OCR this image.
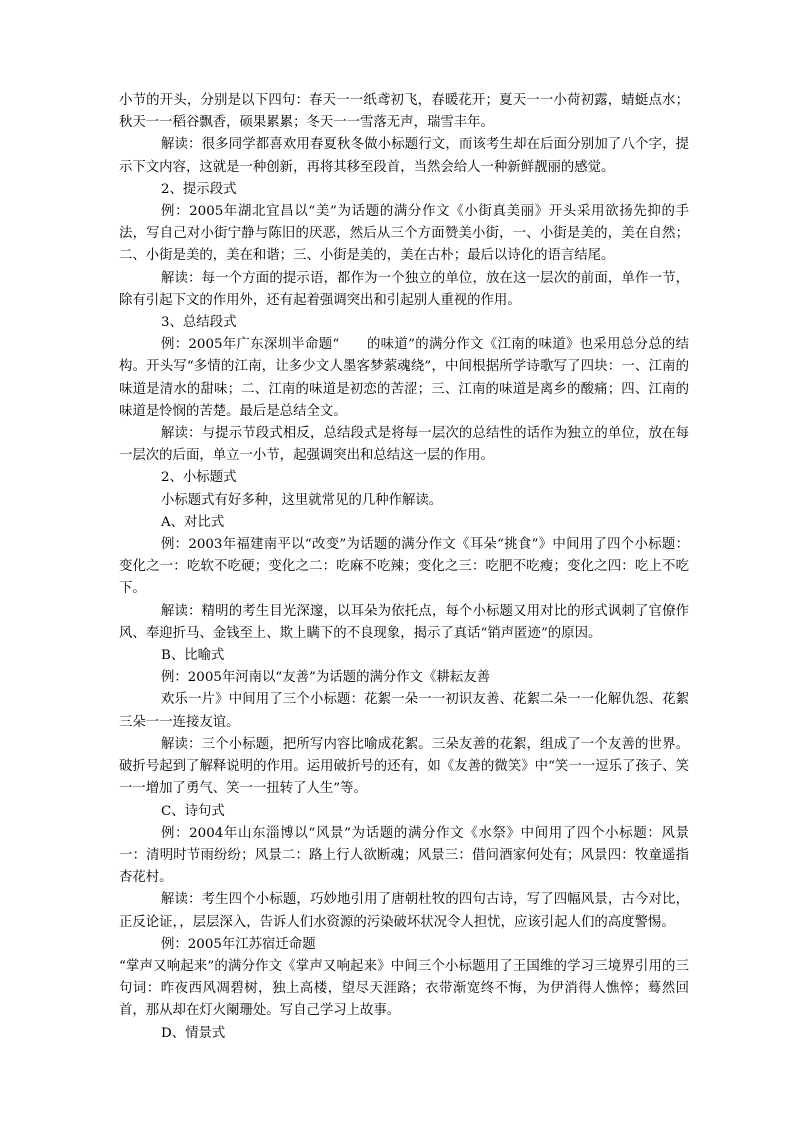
小节的开头，分别是以下四句：春天一一纸鸢初飞，春暖花开；夏天一一小荷初露，蜻蜓点水；秋天一一稻谷飘香，硕果累累；冬天一一雪落无声，瑞雪丰年。

解读：很多同学都喜欢用春夏秋冬做小标题行文，而该考生却在后面分别加了八个字，提示下文内容，这就是一种创新，再将其移至段首，当然会给人一种新鲜靓丽的感觉。

2、提示段式

例：2005年湖北宜昌以“美”为话题的满分作文《小街真美丽》开头采用欲扬先抑的手法，写自己对小街宁静与陈旧的厌恶，然后从三个方面赞美小街，一、小街是美的，美在自然；二、小街是美的，美在和谐；三、小街是美的，美在古朴；最后以诗化的语言结尾。

解读：每一个方面的提示语，都作为一个独立的单位，放在这一层次的前面，单作一节，除有引起下文的作用外，还有起着强调突出和引起别人重视的作用。

3、总结段式

例：2005年广东深圳半命题“　　的味道”的满分作文《江南的味道》也采用总分总的结构。开头写“多情的江南，让多少文人墨客梦萦魂绕”，中间根据所学诗歌写了四块：一、江南的味道是清水的甜味；二、江南的味道是初恋的苦涩；三、江南的味道是离乡的酸痛；四、江南的味道是怜悯的苦楚。最后是总结全文。

解读：与提示节段式相反，总结段式是将每一层次的总结性的话作为独立的单位，放在每一层次的后面，单立一小节，起强调突出和总结这一层的作用。

2、小标题式

小标题式有好多种，这里就常见的几种作解读。

A、对比式

例：2003年福建南平以“改变”为话题的满分作文《耳朵“挑食”》中间用了四个小标题：变化之一：吃软不吃硬；变化之二：吃麻不吃辣；变化之三：吃肥不吃瘦；变化之四：吃上不吃下。

解读：精明的考生目光深邃，以耳朵为依托点，每个小标题又用对比的形式讽刺了官僚作风、奉迎折马、金钱至上、欺上瞒下的不良现象，揭示了真话“销声匿迹”的原因。

B、比喻式

例：2005年河南以“友善”为话题的满分作文《耕耘友善

欢乐一片》中间用了三个小标题：花絮一朵一一初识友善、花絮二朵一一化解仇怨、花絮三朵一一连接友谊。

解读：三个小标题，把所写内容比喻成花絮。三朵友善的花絮，组成了一个友善的世界。破折号起到了解释说明的作用。运用破折号的还有，如《友善的微笑》中“笑一一逗乐了孩子、笑一一增加了勇气、笑一一扭转了人生”等。

C、诗句式

例：2004年山东淄博以“风景”为话题的满分作文《水祭》中间用了四个小标题：风景一：清明时节雨纷纷；风景二：路上行人欲断魂；风景三：借问酒家何处有；风景四：牧童遥指杏花村。

解读：考生四个小标题，巧妙地引用了唐朝杜牧的四句古诗，写了四幅风景，古今对比，正反论证，，层层深入，告诉人们水资源的污染破坏状况令人担忧，应该引起人们的高度警惕。

例：2005年江苏宿迁命题

“掌声又响起来”的满分作文《掌声又响起来》中间三个小标题用了王国维的学习三境界引用的三句词：昨夜西风凋碧树，独上高楼，望尽天涯路；衣带渐宽终不悔，为伊消得人憔悴；蓦然回首，那从却在灯火阑珊处。写自己学习上故事。

D、情景式
